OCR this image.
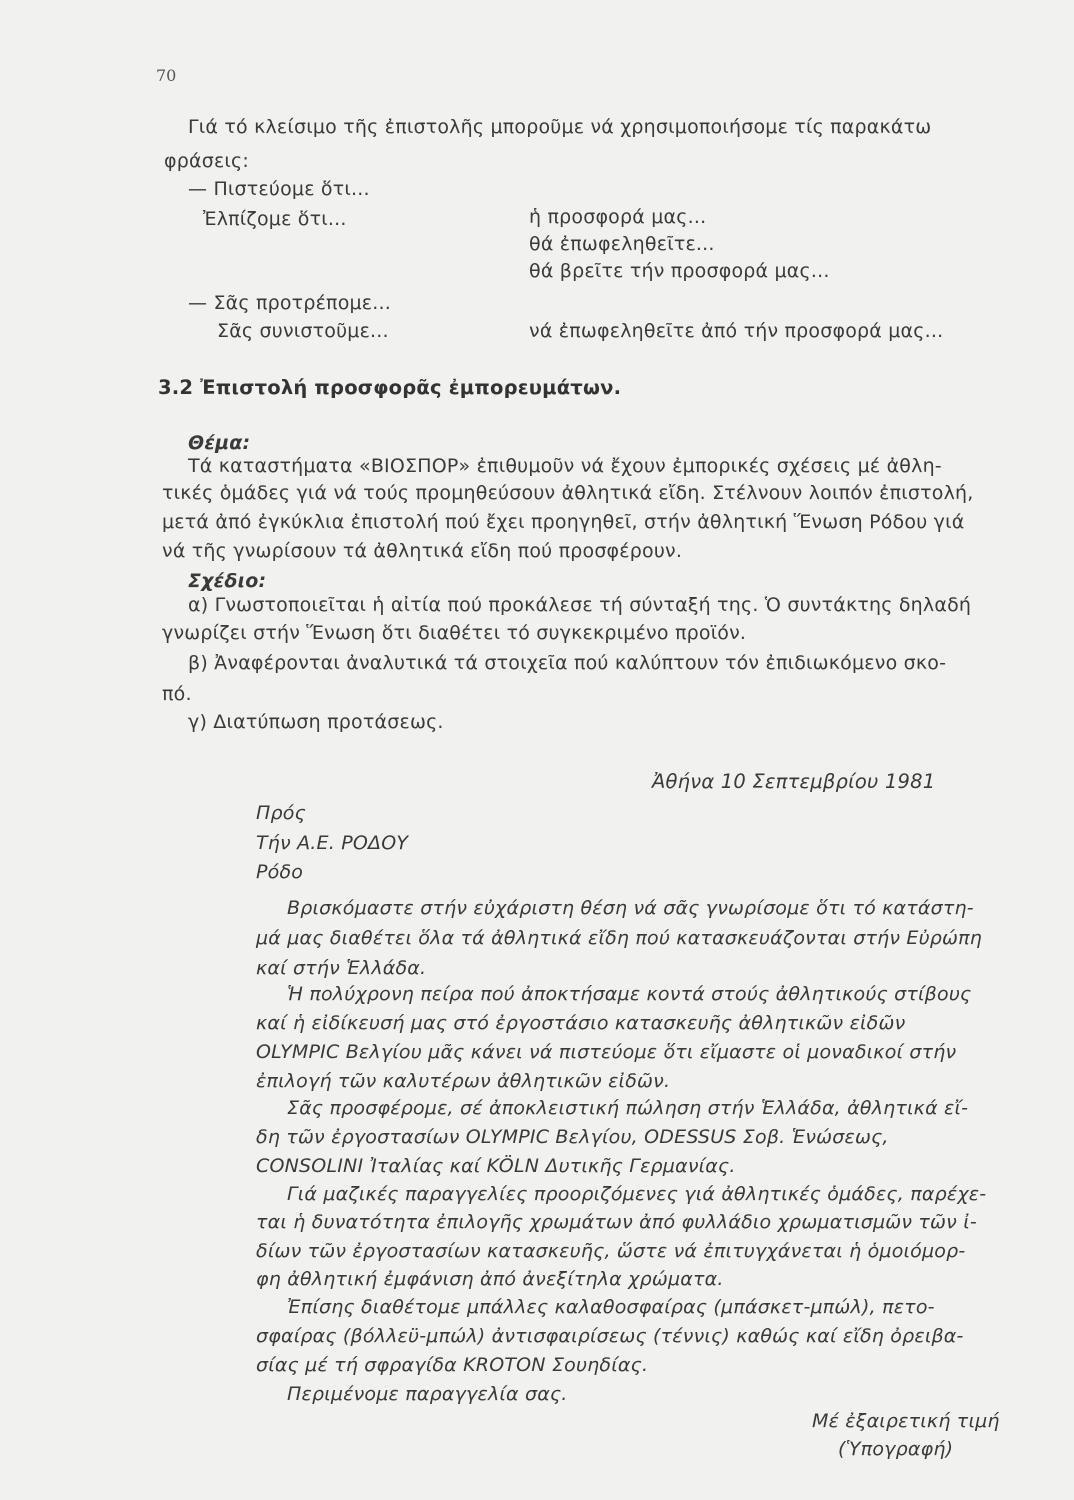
70
Γιά τό κλείσιμο τῆς ἐπιστολῆς μποροῦμε νά χρησιμοποιήσομε τίς παρακάτω
φράσεις:
— Πιστεύομε ὅτι...
Ἐλπίζομε ὅτι...	ἡ προσφορά μας...
θά ἐπωφεληθεῖτε...
θά βρεῖτε τήν προσφορά μας...
— Σᾶς προτρέπομε...
Σᾶς συνιστοῦμε...	νά ἐπωφεληθεῖτε ἀπό τήν προσφορά μας...
3.2 Ἐπιστολή προσφορᾶς ἐμπορευμάτων.
Θέμα:
Τά καταστήματα «ΒΙΟΣΠΟΡ» ἐπιθυμοῦν νά ἔχουν ἐμπορικές σχέσεις μέ ἀθλη-
τικές ὁμάδες γιά νά τούς προμηθεύσουν ἀθλητικά εἴδη. Στέλνουν λοιπόν ἐπιστολή,
μετά ἀπό ἐγκύκλια ἐπιστολή πού ἔχει προηγηθεῖ, στήν ἀθλητική Ἕνωση Ρόδου γιά
νά τῆς γνωρίσουν τά ἀθλητικά εἴδη πού προσφέρουν.
Σχέδιο:
α) Γνωστοποιεῖται ἡ αἰτία πού προκάλεσε τή σύνταξή της. Ὁ συντάκτης δηλαδή
γνωρίζει στήν Ἕνωση ὅτι διαθέτει τό συγκεκριμένο προϊόν.
β) Ἀναφέρονται ἀναλυτικά τά στοιχεῖα πού καλύπτουν τόν ἐπιδιωκόμενο σκο-
πό.
γ) Διατύπωση προτάσεως.
Ἀθήνα 10 Σεπτεμβρίου 1981
Πρός
Τήν Α.Ε. ΡΟΔΟΥ
Ρόδο
Βρισκόμαστε στήν εὐχάριστη θέση νά σᾶς γνωρίσομε ὅτι τό κατάστη-
μά μας διαθέτει ὅλα τά ἀθλητικά εἴδη πού κατασκευάζονται στήν Εὐρώπη
καί στήν Ἑλλάδα.
Ἡ πολύχρονη πείρα πού ἀποκτήσαμε κοντά στούς ἀθλητικούς στίβους
καί ἡ εἰδίκευσή μας στό ἐργοστάσιο κατασκευῆς ἀθλητικῶν εἰδῶν
OLYMPIC Βελγίου μᾶς κάνει νά πιστεύομε ὅτι εἴμαστε οἱ μοναδικοί στήν
ἐπιλογή τῶν καλυτέρων ἀθλητικῶν εἰδῶν.
Σᾶς προσφέρομε, σέ ἀποκλειστική πώληση στήν Ἑλλάδα, ἀθλητικά εἴ-
δη τῶν ἐργοστασίων OLYMPIC Βελγίου, ODESSUS Σοβ. Ἑνώσεως,
CONSOLINI Ἰταλίας καί KÖLN Δυτικῆς Γερμανίας.
Γιά μαζικές παραγγελίες προοριζόμενες γιά ἀθλητικές ὁμάδες, παρέχε-
ται ἡ δυνατότητα ἐπιλογῆς χρωμάτων ἀπό φυλλάδιο χρωματισμῶν τῶν ἰ-
δίων τῶν ἐργοστασίων κατασκευῆς, ὥστε νά ἐπιτυγχάνεται ἡ ὁμοιόμορ-
φη ἀθλητική ἐμφάνιση ἀπό ἀνεξίτηλα χρώματα.
Ἐπίσης διαθέτομε μπάλλες καλαθοσφαίρας (μπάσκετ-μπώλ), πετο-
σφαίρας (βόλλεϋ-μπώλ) ἀντισφαιρίσεως (τέννις) καθώς καί εἴδη ὀρειβα-
σίας μέ τή σφραγίδα KROTON Σουηδίας.
Περιμένομε παραγγελία σας.
Μέ ἐξαιρετική τιμή
(Ὑπογραφή)
